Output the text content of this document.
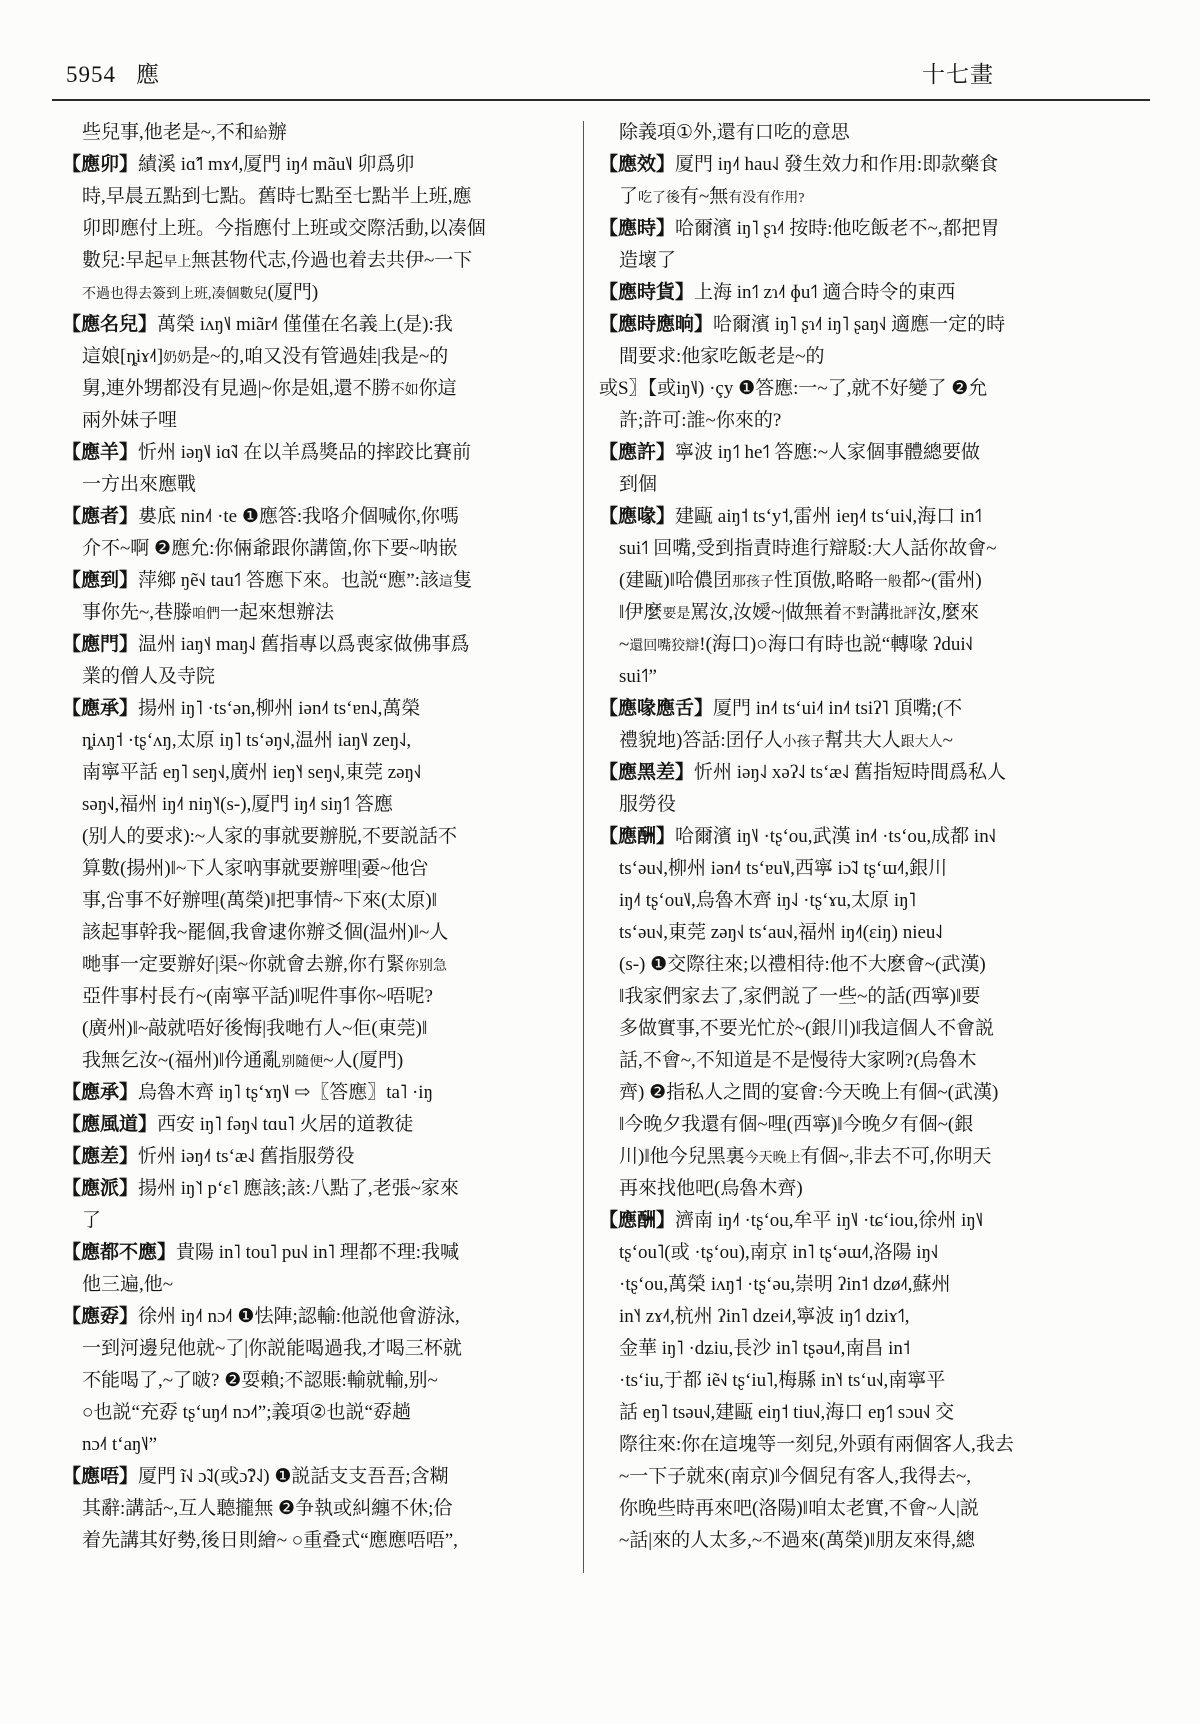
5954 應	十七畫

些兒事,他老是~,不和給辦

【應卯】績溪 iɑ̃˦˥ mɤ˨˦,厦門 iŋ˨˦ mãu˥˩ 卯爲卯

時,早晨五點到七點。舊時七點至七點半上班,應

卯即應付上班。今指應付上班或交際活動,以凑個

數兒:早起早上無甚物代志,仱過也着去共伊~一下

不過也得去簽到上班,凑個數兒(厦門)

【應名兒】萬榮 iʌŋ˥˩ miãr˨˦ 僅僅在名義上(是):我

這娘[ȵiɤ˨˦]奶奶是~的,咱又没有管過娃|我是~的

舅,連外甥都没有見過|~你是姐,還不勝不如你這

兩外妹子哩

【應羊】忻州 iəŋ˥˩ iɑ̃˧˩ 在以羊爲獎品的摔跤比賽前

一方出來應戰

【應者】婁底 nin˨˦ ·te ❶應答:我咯介個喊你,你嗎

介不~啊 ❷應允:你倆爺跟你講箇,你下要~呐嵌

【應到】萍鄉 ŋẽ˧˩ tau˦˥ 答應下來。也説“應”:該這隻

事你先~,巷滕咱們一起來想辦法

【應門】温州 iaŋ˦˨ maŋ˨˩ 舊指專以爲喪家做佛事爲

業的僧人及寺院

【應承】揚州 iŋ˥ ·tsʻən,柳州 iən˨˦ tsʻɐn˨˩,萬榮

ȵiʌŋ˦ ·tʂʻʌŋ,太原 iŋ˥ tsʻəŋ˧˩,温州 iaŋ˥˩ zeŋ˨˩,

南寧平話 eŋ˥ seŋ˧˩,廣州 ieŋ˥˧ seŋ˧˩,東莞 zəŋ˧˩

səŋ˧˩,福州 iŋ˨˦ niŋ˥˧(s-),厦門 iŋ˨˦ siŋ˦˥ 答應

(别人的要求):~人家的事就要辦脱,不要説話不

算數(揚州)‖~下人家吶事就要辦哩|嫑~他吢

事,吢事不好辦哩(萬榮)‖把事情~下來(太原)‖

該起事幹我~罷個,我會逮你辦爻個(温州)‖~人

哋事一定要辦好|渠~你就會去辦,你冇緊你别急

亞件事村長冇~(南寧平話)‖呢件事你~唔呢?

(廣州)‖~敲就唔好後悔|我哋冇人~佢(東莞)‖

我無乞汝~(福州)‖仱通亂别隨便~人(厦門)

【應承】烏魯木齊 iŋ˥ tʂʻɤŋ˥˩ ⇨〖答應〗ta˥ ·iŋ

【應風道】西安 iŋ˥ fəŋ˧˩ tɑu˥ 火居的道教徒

【應差】忻州 iəŋ˨˦ tsʻæ˨˩ 舊指服勞役

【應派】揚州 iŋ˥˦ pʻɛ˥ 應該;該:八點了,老張~家來

了

【應都不應】貴陽 in˥ tou˥ pu˧˩ in˥ 理都不理:我喊

他三遍,他~

【應孬】徐州 iŋ˨˦ nɔ˨˦ ❶怯陣;認輸:他説他會游泳,

一到河邊兒他就~了|你説能喝過我,才喝三杯就

不能喝了,~了啵? ❷耍賴;不認賬:輸就輸,别~

○也説“充孬 tʂʻuŋ˨˦ nɔ˨˦”;義項②也説“孬趟

nɔ˨˦ tʻaŋ˥˩”

【應唔】厦門 ĩ˧˩ ɔ̃˨˩(或ɔ̃ʔ˨˩) ❶説話支支吾吾;含糊

其辭:講話~,互人聽攏無 ❷争執或糾纏不休;佮

着先講其好勢,後日則繪~ ○重叠式“應應唔唔”,

除義項①外,還有口吃的意思

【應效】厦門 iŋ˨˦ hau˨˩ 發生效力和作用:即款藥食

了吃了後有~無有没有作用?

【應時】哈爾濱 iŋ˥ ʂɿ˨˦ 按時:他吃飯老不~,都把胃

造壞了

【應時貨】上海 in˦˥ zɿ˨˦ ɸu˦˥ 適合時令的東西

【應時應晌】哈爾濱 iŋ˥ ʂɿ˨˦ iŋ˥ ʂaŋ˧˩ 適應一定的時

間要求:他家吃飯老是~的

或S〗【或iŋ˥˩) ·çy ❶答應:一~了,就不好變了 ❷允

許;許可:誰~你來的?

【應許】寧波 iŋ˦˥ he˦˥ 答應:~人家個事體總要做

到個

【應喙】建甌 aiŋ˦ tsʻy˦,雷州 ieŋ˨˦ tsʻui˧˩,海口 in˦˥

sui˦˥ 回嘴,受到指責時進行辯駁:大人話你故會~

(建甌)‖哈儂囝那孩子性頂傲,略略一般都~(雷州)

‖伊麼要是罵汝,汝嬡~|做無着不對講批評汝,麼來

~還回嘴狡辯!(海口)○海口有時也説“轉喙 ʔdui˧˩

sui˦˥”

【應喙應舌】厦門 in˨˦ tsʻui˨˦ in˨˦ tsiʔ˥ 頂嘴;(不

禮貌地)答話:囝仔人小孩子幫共大人跟大人~

【應黑差】忻州 iəŋ˨˩ xəʔ˨˩ tsʻæ˨˩ 舊指短時間爲私人

服勞役

【應酬】哈爾濱 iŋ˥˩ ·tʂʻou,武漢 in˨˦ ·tsʻou,成都 in˧˩

tsʻəu˧˩,柳州 iən˨˦ tsʻɐu˥˩,西寧 iɔ̃˨˩ tʂʻɯ˨˦,銀川

iŋ˨˦ tʂʻou˥˩,烏魯木齊 iŋ˨˩ ·tʂʻɤu,太原 iŋ˥

tsʻəu˧˩,東莞 zəŋ˧˩ tsʻau˧˩,福州 iŋ˨˦(ɛiŋ) nieu˨˩

(s-) ❶交際往來;以禮相待:他不大麽會~(武漢)

‖我家們家去了,家們説了一些~的話(西寧)‖要

多做實事,不要光忙於~(銀川)‖我這個人不會説

話,不會~,不知道是不是慢待大家咧?(烏魯木

齊) ❷指私人之間的宴會:今天晚上有個~(武漢)

‖今晚夕我還有個~哩(西寧)‖今晚夕有個~(銀

川)‖他今兒黑裏今天晚上有個~,非去不可,你明天

再來找他吧(烏魯木齊)

【應酬】濟南 iŋ˨˦ ·tʂʻou,牟平 iŋ˥˩ ·tɕʻiou,徐州 iŋ˥˩

tʂʻou˥(或 ·tʂʻou),南京 in˥ tʂʻəɯ˨˦,洛陽 iŋ˧˩

·tʂʻou,萬榮 iʌŋ˦ ·tʂʻəu,崇明 ʔin˦ dzø˨˦,蘇州

in˥˧ zɤ˨˦,杭州 ʔin˥ dzei˨˦,寧波 iŋ˦˥ dziɤ˦˥,

金華 iŋ˥ ·dʑiu,長沙 in˥ tʂəu˨˦,南昌 in˦

·tsʻiu,于都 iẽ˧˩ tʂʻiu˥,梅縣 in˥˧ tsʻu˧˩,南寧平

話 eŋ˥ tsəu˧˩,建甌 eiŋ˦ tiu˧˩,海口 eŋ˦˥ sɔu˧˩ 交

際往來:你在這塊等一刻兒,外頭有兩個客人,我去

~一下子就來(南京)‖今個兒有客人,我得去~,

你晚些時再來吧(洛陽)‖咱太老實,不會~人|説

~話|來的人太多,~不過來(萬榮)‖朋友來得,總
